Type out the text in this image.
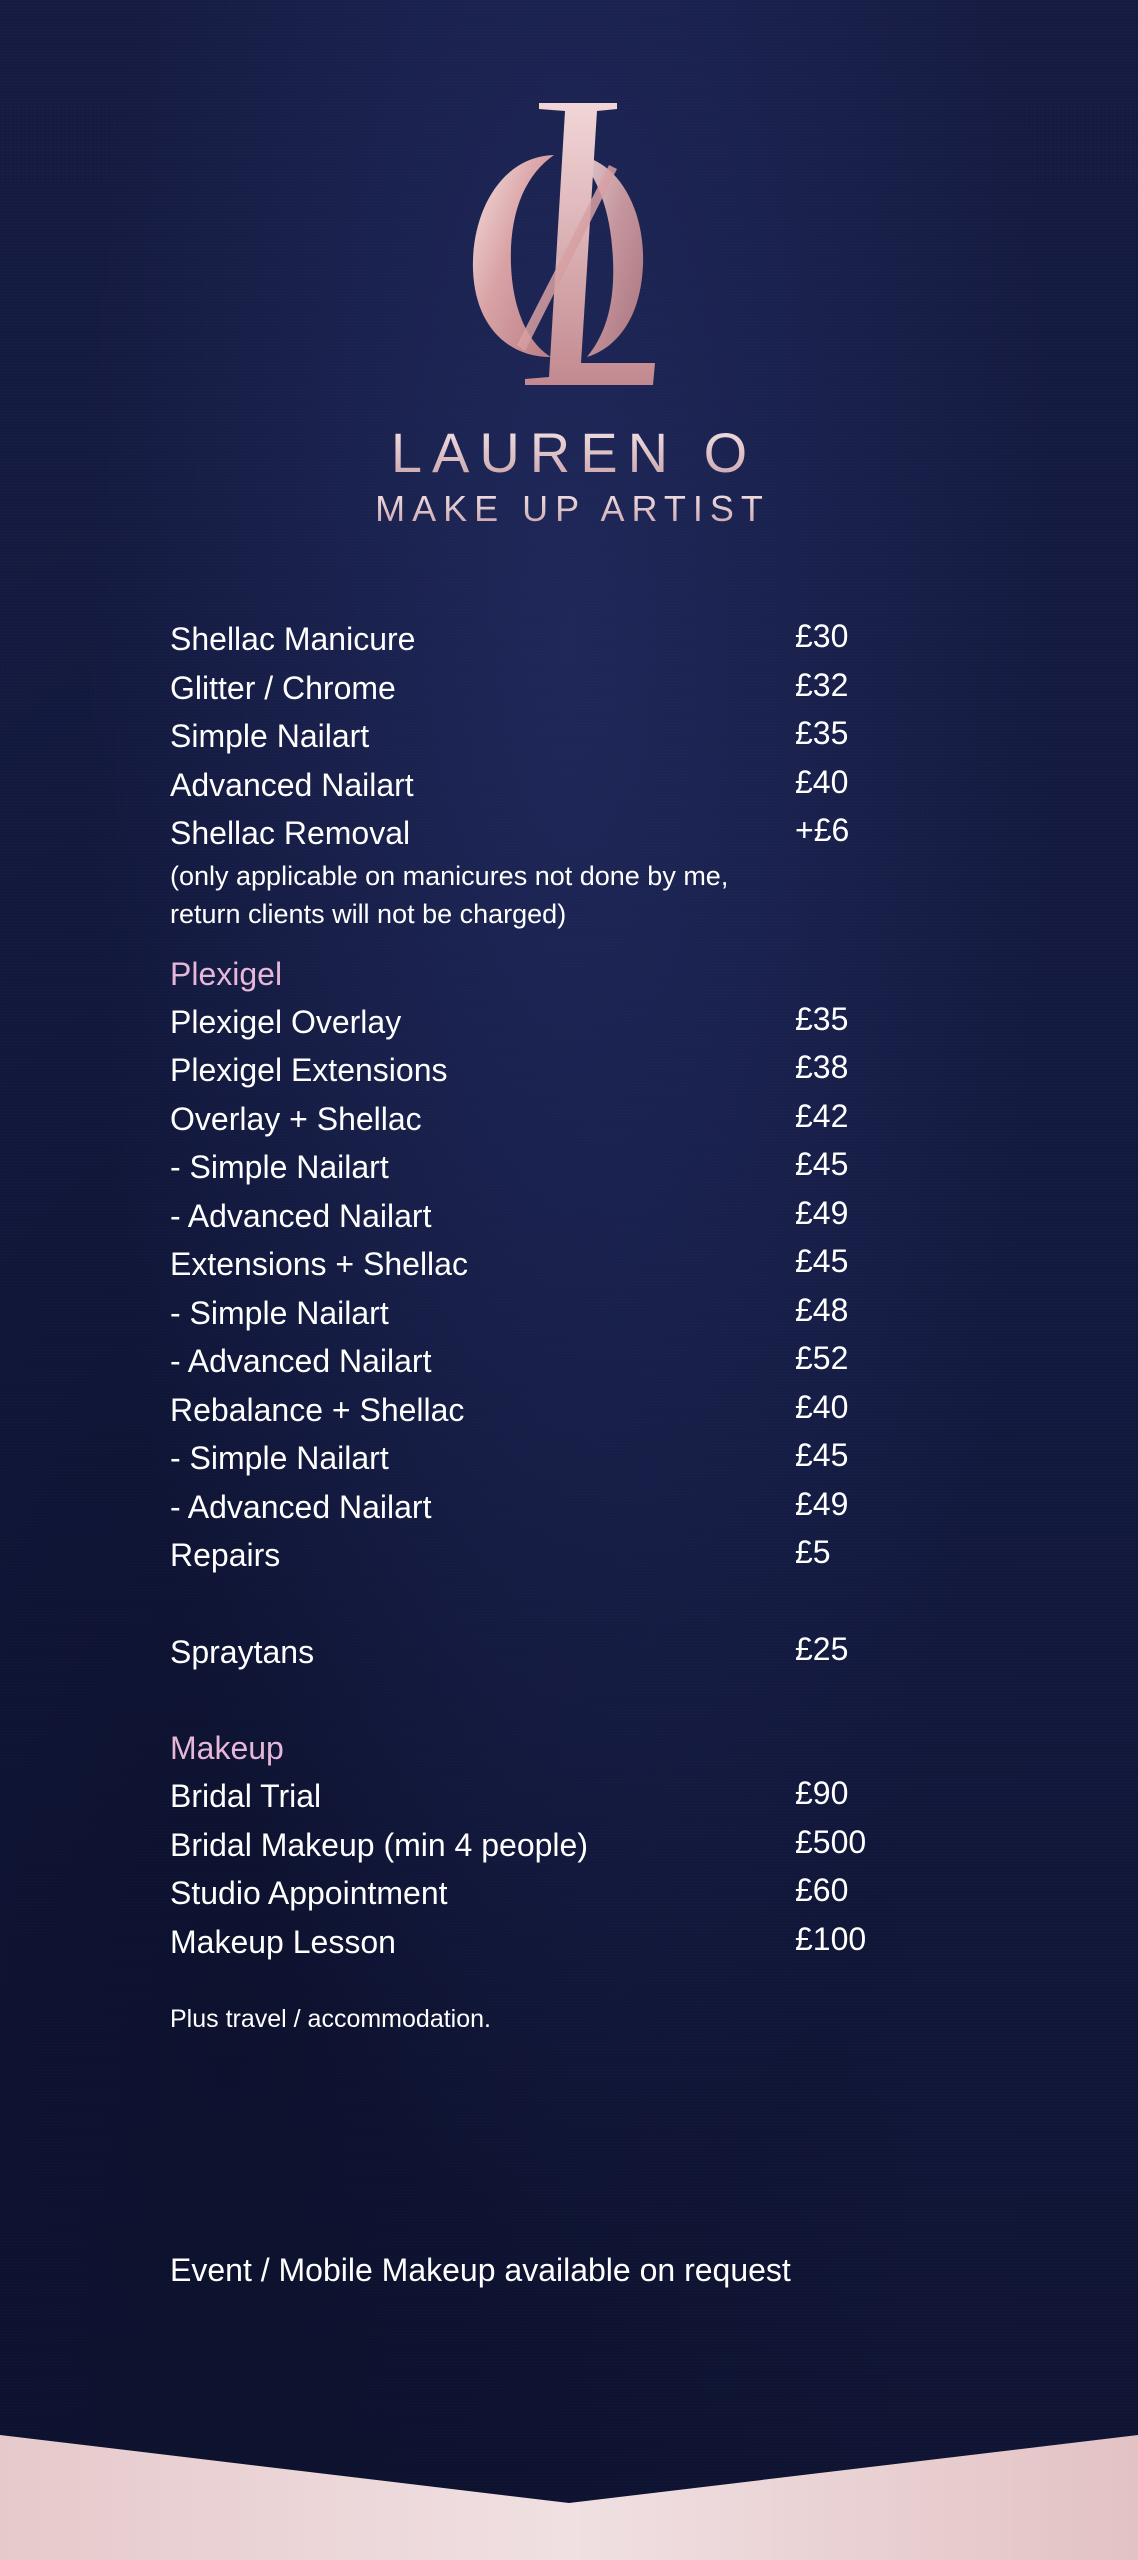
LAUREN O
MAKE UP ARTIST
Shellac Manicure	£30
Glitter / Chrome	£32
Simple Nailart	£35
Advanced Nailart	£40
Shellac Removal	+£6
(only applicable on manicures not done by me, return clients will not be charged)
Plexigel
Plexigel Overlay	£35
Plexigel Extensions	£38
Overlay + Shellac	£42
- Simple Nailart	£45
- Advanced Nailart	£49
Extensions + Shellac	£45
- Simple Nailart	£48
- Advanced Nailart	£52
Rebalance + Shellac	£40
- Simple Nailart	£45
- Advanced Nailart	£49
Repairs	£5
Spraytans	£25
Makeup
Bridal Trial	£90
Bridal Makeup (min 4 people)	£500
Studio Appointment	£60
Makeup Lesson	£100
Plus travel / accommodation.
Event / Mobile Makeup available on request
